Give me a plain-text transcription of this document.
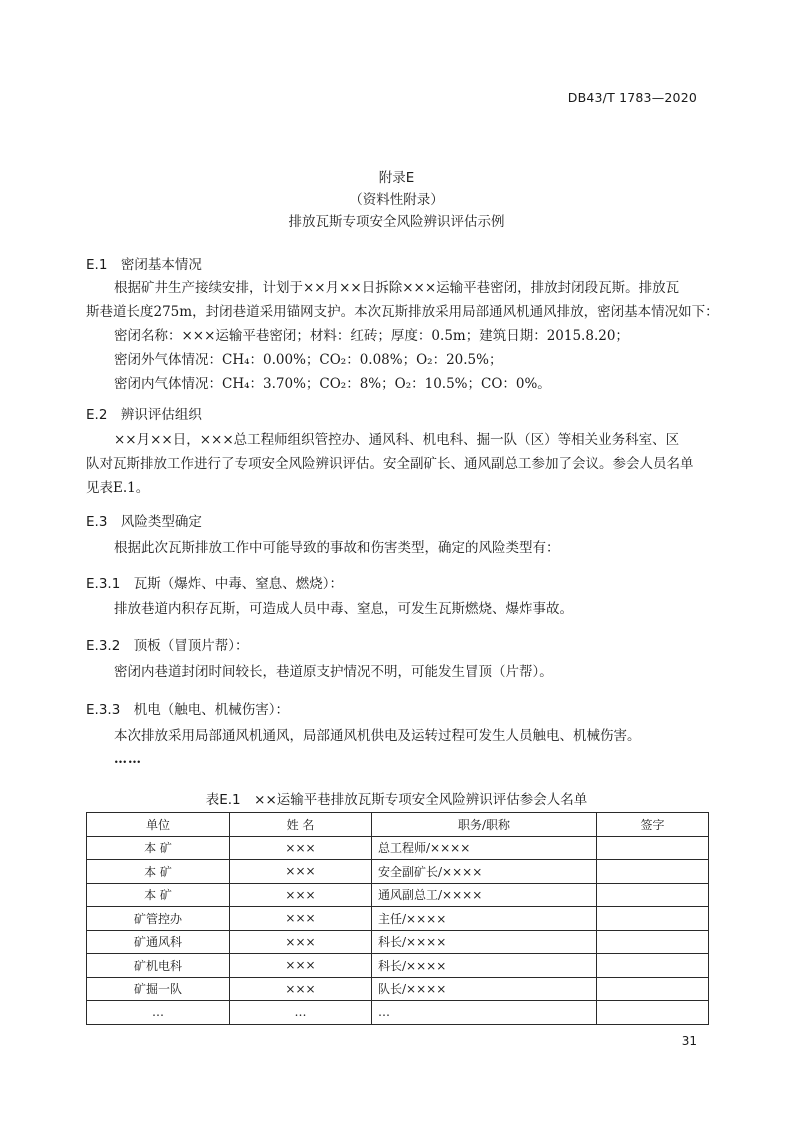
DB43/T 1783—2020
附录E
（资料性附录）
排放瓦斯专项安全风险辨识评估示例
E.1　 密闭基本情况
根据矿井生产接续安排，计划于××月××日拆除×××运输平巷密闭，排放封闭段瓦斯。排放瓦
斯巷道长度275m，封闭巷道采用锚网支护。本次瓦斯排放采用局部通风机通风排放，密闭基本情况如下：
密闭名称：×××运输平巷密闭；材料：红砖；厚度：0.5m；建筑日期：2015.8.20；
密闭外气体情况：CH₄：0.00%；CO₂：0.08%；O₂：20.5%；
密闭内气体情况：CH₄：3.70%；CO₂：8%；O₂：10.5%；CO：0%。
E.2　 辨识评估组织
××月××日，×××总工程师组织管控办、通风科、机电科、掘一队（区）等相关业务科室、区
队对瓦斯排放工作进行了专项安全风险辨识评估。安全副矿长、通风副总工参加了会议。参会人员名单
见表E.1。
E.3　 风险类型确定
根据此次瓦斯排放工作中可能导致的事故和伤害类型，确定的风险类型有：
E.3.1　 瓦斯（爆炸、中毒、窒息、燃烧）：
排放巷道内积存瓦斯，可造成人员中毒、窒息，可发生瓦斯燃烧、爆炸事故。
E.3.2　 顶板（冒顶片帮）：
密闭内巷道封闭时间较长，巷道原支护情况不明，可能发生冒顶（片帮）。
E.3.3　 机电（触电、机械伤害）：
本次排放采用局部通风机通风，局部通风机供电及运转过程可发生人员触电、机械伤害。
……
表E.1　××运输平巷排放瓦斯专项安全风险辨识评估参会人名单
单位	姓 名	职务/职称	签字
本 矿	×××	总工程师/××××	
本 矿	×××	安全副矿长/××××	
本 矿	×××	通风副总工/××××	
矿管控办	×××	主任/××××	
矿通风科	×××	科长/××××	
矿机电科	×××	科长/××××	
矿掘一队	×××	队长/××××	
…	…	…	
31
